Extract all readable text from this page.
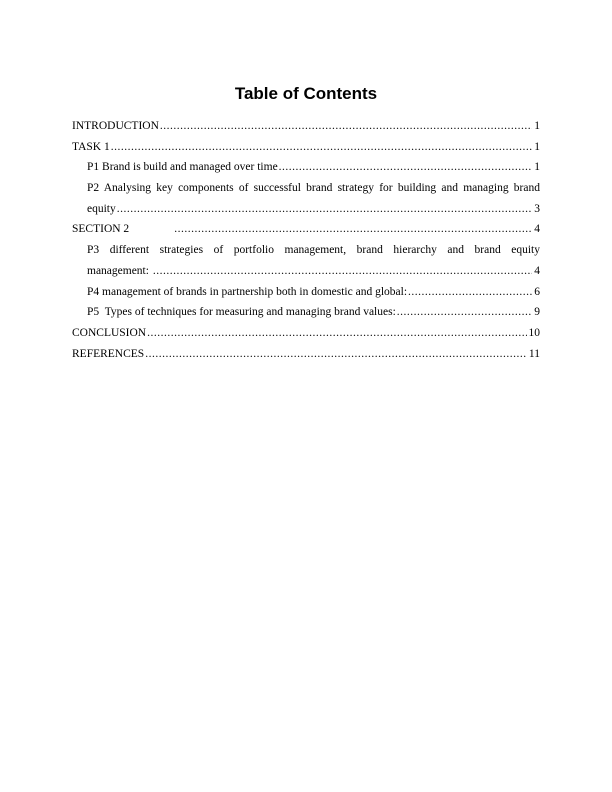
Table of Contents
INTRODUCTION .....	1
TASK 1 .....	1
P1 Brand is build and managed over time .....	1
P2 Analysing key components of successful brand strategy for building and managing brand
equity .....	3
SECTION 2 .....	4
P3 different strategies of portfolio management, brand hierarchy and brand equity
management: .....	4
P4 management of brands in partnership both in domestic and global: .....	6
P5  Types of techniques for measuring and managing brand values: .....	9
CONCLUSION .....	10
REFERENCES .....	11
